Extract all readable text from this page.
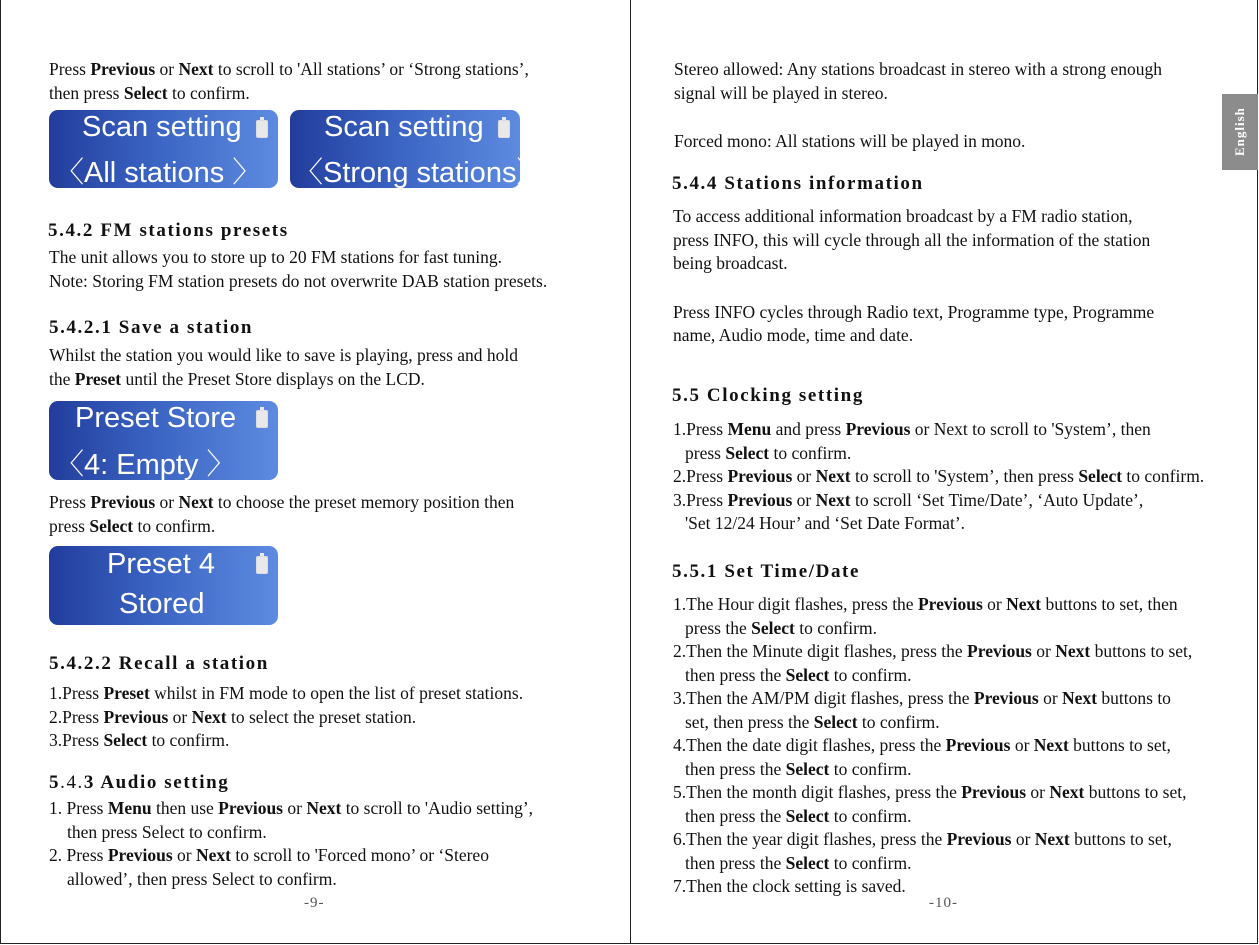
Press Previous or Next to scroll to 'All stations’ or ‘Strong stations’,
then press Select to confirm.
Scan setting
〈All stations 〉
Scan setting
〈Strong stations〉
5.4.2 FM stations presets
The unit allows you to store up to 20 FM stations for fast tuning.
Note: Storing FM station presets do not overwrite DAB station presets.
5.4.2.1 Save a station
Whilst the station you would like to save is playing, press and hold
the Preset until the Preset Store displays on the LCD.
Preset Store
〈4: Empty 〉
Press Previous or Next to choose the preset memory position then
press Select to confirm.
Preset 4
Stored
5.4.2.2 Recall a station
1.Press Preset whilst in FM mode to open the list of preset stations.
2.Press Previous or Next to select the preset station.
3.Press Select to confirm.
5.4.3 Audio setting
1. Press Menu then use Previous or Next to scroll to 'Audio setting’,
then press Select to confirm.
2. Press Previous or Next to scroll to 'Forced mono’ or ‘Stereo
allowed’, then press Select to confirm.
-9-
English
Stereo allowed: Any stations broadcast in stereo with a strong enough
signal will be played in stereo.
Forced mono: All stations will be played in mono.
5.4.4 Stations information
To access additional information broadcast by a FM radio station,
press INFO, this will cycle through all the information of the station
being broadcast.
Press INFO cycles through Radio text, Programme type, Programme
name, Audio mode, time and date.
5.5 Clocking setting
1.Press Menu and press Previous or Next to scroll to 'System’, then
press Select to confirm.
2.Press Previous or Next to scroll to 'System’, then press Select to confirm.
3.Press Previous or Next to scroll ‘Set Time/Date’, ‘Auto Update’,
'Set 12/24 Hour’ and ‘Set Date Format’.
5.5.1 Set Time/Date
1.The Hour digit flashes, press the Previous or Next buttons to set, then
press the Select to confirm.
2.Then the Minute digit flashes, press the Previous or Next buttons to set,
then press the Select to confirm.
3.Then the AM/PM digit flashes, press the Previous or Next buttons to
set, then press the Select to confirm.
4.Then the date digit flashes, press the Previous or Next buttons to set,
then press the Select to confirm.
5.Then the month digit flashes, press the Previous or Next buttons to set,
then press the Select to confirm.
6.Then the year digit flashes, press the Previous or Next buttons to set,
then press the Select to confirm.
7.Then the clock setting is saved.
-10-
